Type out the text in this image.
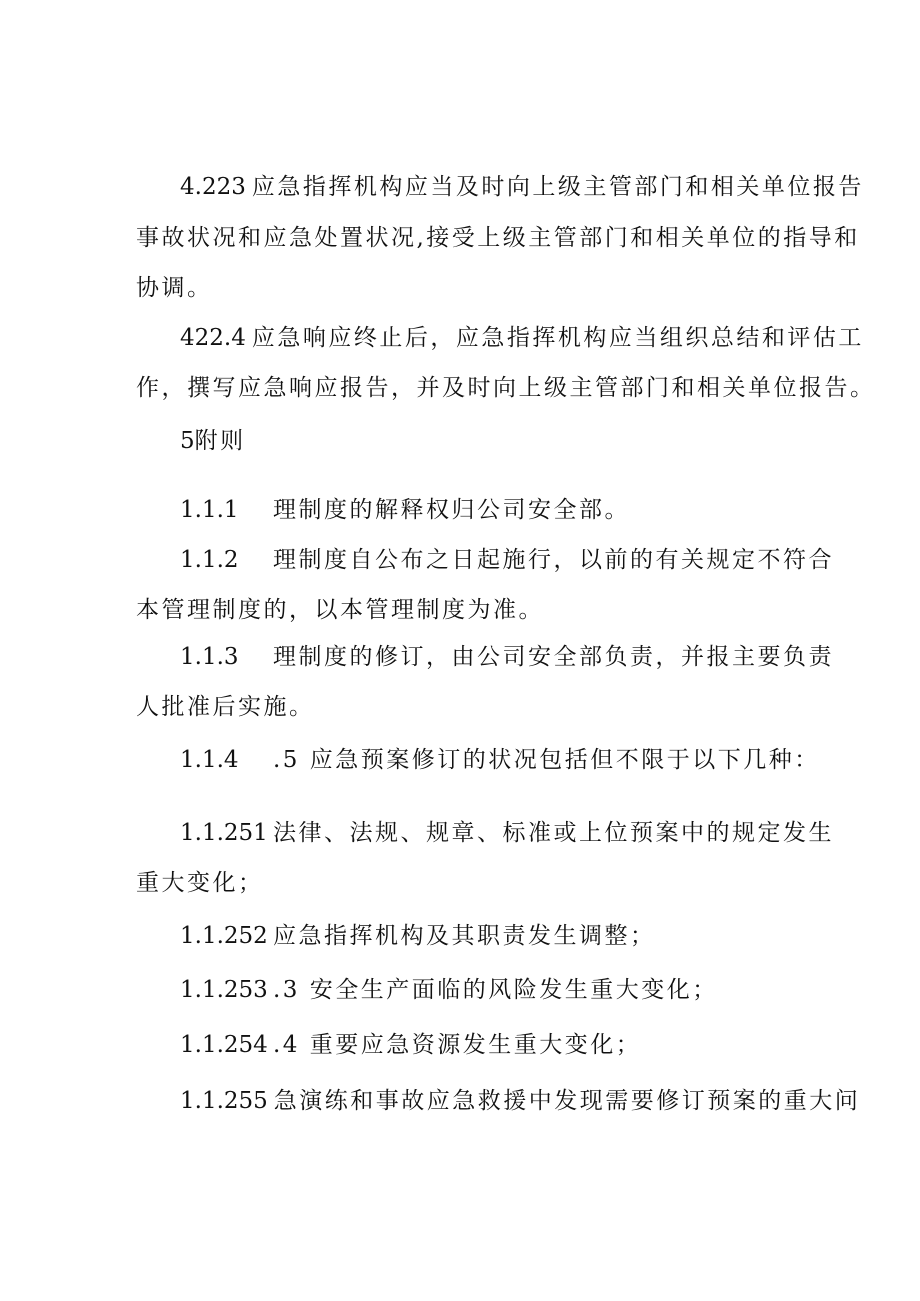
4.223 应急指挥机构应当及时向上级主管部门和相关单位报告
事故状况和应急处置状况,接受上级主管部门和相关单位的指导和
协调。
422.4 应急响应终止后，应急指挥机构应当组织总结和评估工
作，撰写应急响应报告，并及时向上级主管部门和相关单位报告。
5附则
1.1.1 理制度的解释权归公司安全部。
1.1.2 理制度自公布之日起施行，以前的有关规定不符合
本管理制度的，以本管理制度为准。
1.1.3 理制度的修订，由公司安全部负责，并报主要负责
人批准后实施。
1.1.4 .5 应急预案修订的状况包括但不限于以下几种：
1.1.251 法律、法规、规章、标准或上位预案中的规定发生
重大变化；
1.1.252 应急指挥机构及其职责发生调整；
1.1.253 .3 安全生产面临的风险发生重大变化；
1.1.254 .4 重要应急资源发生重大变化；
1.1.255 急演练和事故应急救援中发现需要修订预案的重大问
